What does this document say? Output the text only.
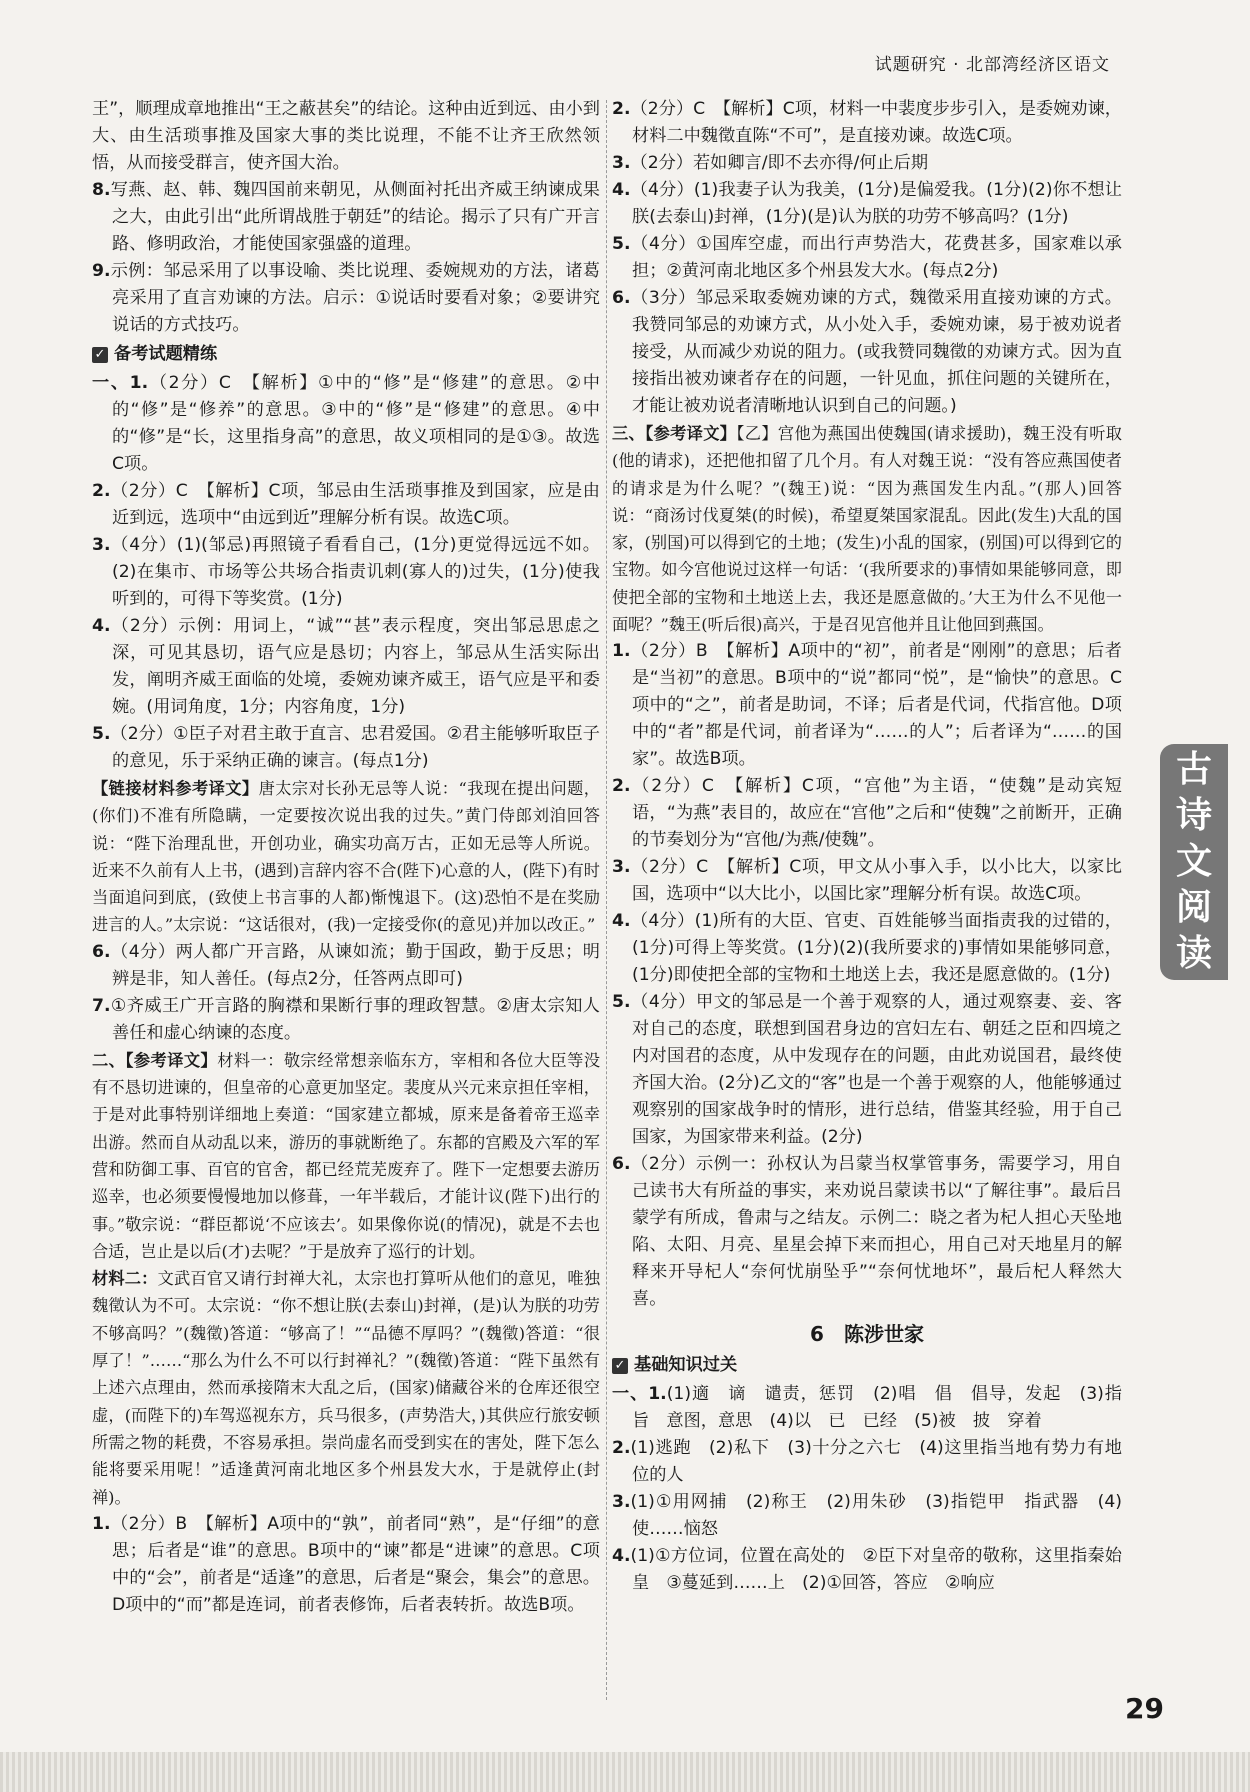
试题研究 · 北部湾经济区语文

王”，顺理成章地推出“王之蔽甚矣”的结论。这种由近到远、由小到大、由生活琐事推及国家大事的类比说理，不能不让齐王欣然领悟，从而接受群言，使齐国大治。

8.写燕、赵、韩、魏四国前来朝见，从侧面衬托出齐威王纳谏成果之大，由此引出“此所谓战胜于朝廷”的结论。揭示了只有广开言路、修明政治，才能使国家强盛的道理。

9.示例：邹忌采用了以事设喻、类比说理、委婉规劝的方法，诸葛亮采用了直言劝谏的方法。启示：①说话时要看对象；②要讲究说话的方式技巧。

✓ 备考试题精练

一、1.（2分）C　【解析】①中的“修”是“修建”的意思。②中的“修”是“修养”的意思。③中的“修”是“修建”的意思。④中的“修”是“长，这里指身高”的意思，故义项相同的是①③。故选C项。

2.（2分）C　【解析】C项，邹忌由生活琐事推及到国家，应是由近到远，选项中“由远到近”理解分析有误。故选C项。

3.（4分）(1)(邹忌)再照镜子看看自己，(1分)更觉得远远不如。(2)在集市、市场等公共场合指责讥刺(寡人的)过失，(1分)使我听到的，可得下等奖赏。(1分)

4.（2分）示例：用词上，“诚”“甚”表示程度，突出邹忌思虑之深，可见其恳切，语气应是恳切；内容上，邹忌从生活实际出发，阐明齐威王面临的处境，委婉劝谏齐威王，语气应是平和委婉。(用词角度，1分；内容角度，1分)

5.（2分）①臣子对君主敢于直言、忠君爱国。②君主能够听取臣子的意见，乐于采纳正确的谏言。(每点1分)

【链接材料参考译文】唐太宗对长孙无忌等人说：“我现在提出问题，(你们)不准有所隐瞒，一定要按次说出我的过失。”黄门侍郎刘洎回答说：“陛下治理乱世，开创功业，确实功高万古，正如无忌等人所说。近来不久前有人上书，(遇到)言辞内容不合(陛下)心意的人，(陛下)有时当面追问到底，(致使上书言事的人都)惭愧退下。(这)恐怕不是在奖励进言的人。”太宗说：“这话很对，(我)一定接受你(的意见)并加以改正。”

6.（4分）两人都广开言路，从谏如流；勤于国政，勤于反思；明辨是非，知人善任。(每点2分，任答两点即可)

7.①齐威王广开言路的胸襟和果断行事的理政智慧。②唐太宗知人善任和虚心纳谏的态度。

二、【参考译文】材料一：敬宗经常想亲临东方，宰相和各位大臣等没有不恳切进谏的，但皇帝的心意更加坚定。裴度从兴元来京担任宰相，于是对此事特别详细地上奏道：“国家建立都城，原来是备着帝王巡幸出游。然而自从动乱以来，游历的事就断绝了。东都的宫殿及六军的军营和防御工事、百官的官舍，都已经荒芜废弃了。陛下一定想要去游历巡幸，也必须要慢慢地加以修葺，一年半载后，才能计议(陛下)出行的事。”敬宗说：“群臣都说‘不应该去’。如果像你说(的情况)，就是不去也合适，岂止是以后(才)去呢？”于是放弃了巡行的计划。

材料二：文武百官又请行封禅大礼，太宗也打算听从他们的意见，唯独魏徵认为不可。太宗说：“你不想让朕(去泰山)封禅，(是)认为朕的功劳不够高吗？”(魏徵)答道：“够高了！”“品德不厚吗？”(魏徵)答道：“很厚了！”……“那么为什么不可以行封禅礼？”(魏徵)答道：“陛下虽然有上述六点理由，然而承接隋末大乱之后，(国家)储藏谷米的仓库还很空虚，(而陛下的)车驾巡视东方，兵马很多，(声势浩大，)其供应行旅安顿所需之物的耗费，不容易承担。崇尚虚名而受到实在的害处，陛下怎么能将要采用呢！”适逢黄河南北地区多个州县发大水，于是就停止(封禅)。

1.（2分）B　【解析】A项中的“孰”，前者同“熟”，是“仔细”的意思；后者是“谁”的意思。B项中的“谏”都是“进谏”的意思。C项中的“会”，前者是“适逢”的意思，后者是“聚会，集会”的意思。D项中的“而”都是连词，前者表修饰，后者表转折。故选B项。

2.（2分）C　【解析】C项，材料一中裴度步步引入，是委婉劝谏，材料二中魏徵直陈“不可”，是直接劝谏。故选C项。

3.（2分）若如卿言/即不去亦得/何止后期

4.（4分）(1)我妻子认为我美，(1分)是偏爱我。(1分)(2)你不想让朕(去泰山)封禅，(1分)(是)认为朕的功劳不够高吗？(1分)

5.（4分）①国库空虚，而出行声势浩大，花费甚多，国家难以承担；②黄河南北地区多个州县发大水。(每点2分)

6.（3分）邹忌采取委婉劝谏的方式，魏徵采用直接劝谏的方式。我赞同邹忌的劝谏方式，从小处入手，委婉劝谏，易于被劝说者接受，从而减少劝说的阻力。(或我赞同魏徵的劝谏方式。因为直接指出被劝谏者存在的问题，一针见血，抓住问题的关键所在，才能让被劝说者清晰地认识到自己的问题。)

三、【参考译文】【乙】宫他为燕国出使魏国(请求援助)，魏王没有听取(他的请求)，还把他扣留了几个月。有人对魏王说：“没有答应燕国使者的请求是为什么呢？”(魏王)说：“因为燕国发生内乱。”(那人)回答说：“商汤讨伐夏桀(的时候)，希望夏桀国家混乱。因此(发生)大乱的国家，(别国)可以得到它的土地；(发生)小乱的国家，(别国)可以得到它的宝物。如今宫他说过这样一句话：‘(我所要求的)事情如果能够同意，即使把全部的宝物和土地送上去，我还是愿意做的。’大王为什么不见他一面呢？”魏王(听后很)高兴，于是召见宫他并且让他回到燕国。

1.（2分）B　【解析】A项中的“初”，前者是“刚刚”的意思；后者是“当初”的意思。B项中的“说”都同“悦”，是“愉快”的意思。C项中的“之”，前者是助词，不译；后者是代词，代指宫他。D项中的“者”都是代词，前者译为“……的人”；后者译为“……的国家”。故选B项。

2.（2分）C　【解析】C项，“宫他”为主语，“使魏”是动宾短语，“为燕”表目的，故应在“宫他”之后和“使魏”之前断开，正确的节奏划分为“宫他/为燕/使魏”。

3.（2分）C　【解析】C项，甲文从小事入手，以小比大，以家比国，选项中“以大比小，以国比家”理解分析有误。故选C项。

4.（4分）(1)所有的大臣、官吏、百姓能够当面指责我的过错的，(1分)可得上等奖赏。(1分)(2)(我所要求的)事情如果能够同意，(1分)即使把全部的宝物和土地送上去，我还是愿意做的。(1分)

5.（4分）甲文的邹忌是一个善于观察的人，通过观察妻、妾、客对自己的态度，联想到国君身边的宫妇左右、朝廷之臣和四境之内对国君的态度，从中发现存在的问题，由此劝说国君，最终使齐国大治。(2分)乙文的“客”也是一个善于观察的人，他能够通过观察别的国家战争时的情形，进行总结，借鉴其经验，用于自己国家，为国家带来利益。(2分)

6.（2分）示例一：孙权认为吕蒙当权掌管事务，需要学习，用自己读书大有所益的事实，来劝说吕蒙读书以“了解往事”。最后吕蒙学有所成，鲁肃与之结友。示例二：晓之者为杞人担心天坠地陷、太阳、月亮、星星会掉下来而担心，用自己对天地星月的解释来开导杞人“奈何忧崩坠乎”“奈何忧地坏”，最后杞人释然大喜。

6　 陈涉世家
✓ 基础知识过关

一、1.(1)適　谪　谴责，惩罚　(2)唱　倡　倡导，发起　(3)指　旨　意图，意思　(4)以　已　已经　(5)被　披　穿着

2.(1)逃跑　(2)私下　(3)十分之六七　(4)这里指当地有势力有地位的人

3.(1)①用网捕　(2)称王　(2)用朱砂　(3)指铠甲　指武器　(4)使……恼怒

4.(1)①方位词，位置在高处的　②臣下对皇帝的敬称，这里指秦始皇　③蔓延到……上　(2)①回答，答应　②响应

古
诗
文
阅
读
29
